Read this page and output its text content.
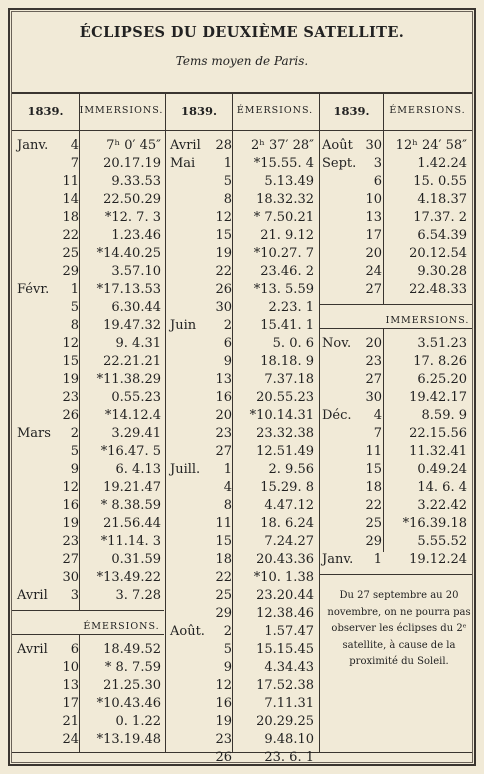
ÉCLIPSES DU DEUXIÈME SATELLITE.
Tems moyen de Paris.
1839.	IMMERSIONS.
Janv.	4	7ʰ 0′ 45″
7	20.17.19
11	9.33.53
14	22.50.29
18	*12. 7. 3
22	1.23.46
25	*14.40.25
29	3.57.10
Févr.	1	*17.13.53
5	6.30.44
8	19.47.32
12	9. 4.31
15	22.21.21
19	*11.38.29
23	0.55.23
26	*14.12.4
Mars	2	3.29.41
5	*16.47. 5
9	6. 4.13
12	19.21.47
16	* 8.38.59
19	21.56.44
23	*11.14. 3
27	0.31.59
30	*13.49.22
Avril	3	3. 7.28
ÉMERSIONS.
Avril	6	18.49.52
10	* 8. 7.59
13	21.25.30
17	*10.43.46
21	0. 1.22
24	*13.19.48
1839.	ÉMERSIONS.
Avril	28	2ʰ 37′ 28″
Mai	1	*15.55. 4
5	5.13.49
8	18.32.32
12	* 7.50.21
15	21. 9.12
19	*10.27. 7
22	23.46. 2
26	*13. 5.59
30	2.23. 1
Juin	2	15.41. 1
6	5. 0. 6
9	18.18. 9
13	7.37.18
16	20.55.23
20	*10.14.31
23	23.32.38
27	12.51.49
Juill.	1	2. 9.56
4	15.29. 8
8	4.47.12
11	18. 6.24
15	7.24.27
18	20.43.36
22	*10. 1.38
25	23.20.44
29	12.38.46
Août.	2	1.57.47
5	15.15.45
9	4.34.43
12	17.52.38
16	7.11.31
19	20.29.25
23	9.48.10
26	23. 6. 1
1839.	ÉMERSIONS.
Août 30	12ʰ 24′ 58″
Sept.	3	1.42.24
6	15. 0.55
10	4.18.37
13	17.37. 2
17	6.54.39
20	20.12.54
24	9.30.28
27	22.48.33
IMMERSIONS.
Nov.	20	3.51.23
23	17. 8.26
27	6.25.20
30	19.42.17
Déc.	4	8.59. 9
7	22.15.56
11	11.32.41
15	0.49.24
18	14. 6. 4
22	3.22.42
25	*16.39.18
29	5.55.52
Janv.	1	19.12.24
Du 27 septembre au 20 novembre, on ne pourra pas observer les éclipses du 2ᵉ satellite, à cause de la proximité du Soleil.
